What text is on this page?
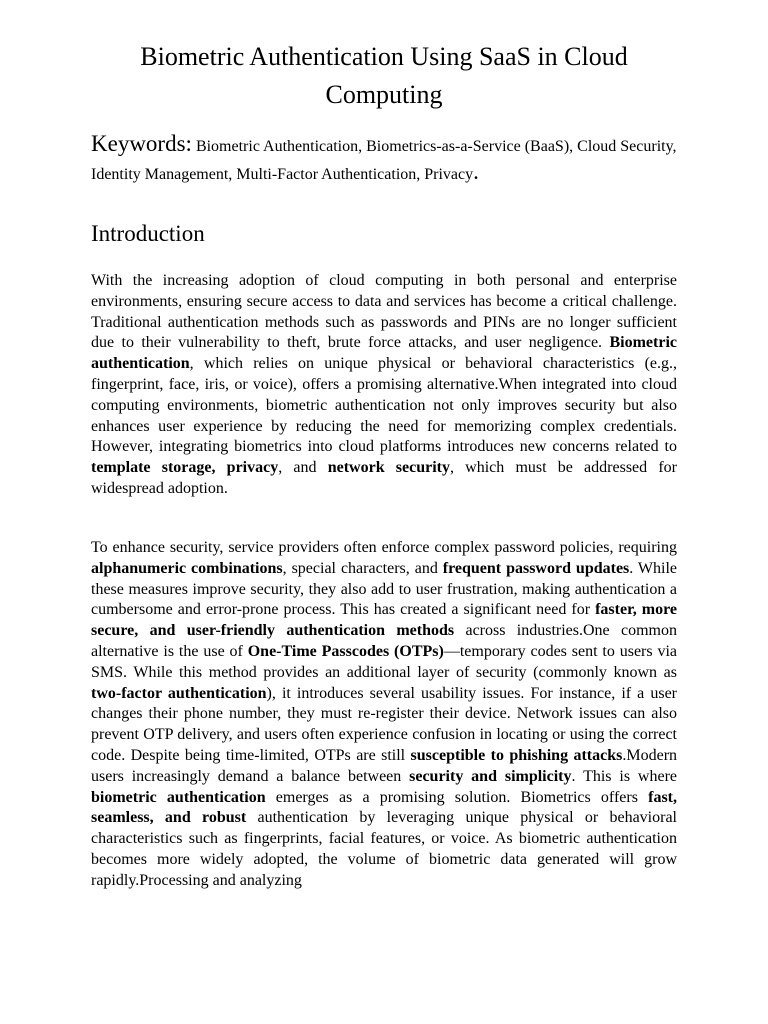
Biometric Authentication Using SaaS in Cloud Computing

Keywords: Biometric Authentication, Biometrics-as-a-Service (BaaS), Cloud Security, Identity Management, Multi-Factor Authentication, Privacy.

Introduction

With the increasing adoption of cloud computing in both personal and enterprise environments, ensuring secure access to data and services has become a critical challenge. Traditional authentication methods such as passwords and PINs are no longer sufficient due to their vulnerability to theft, brute force attacks, and user negligence. Biometric authentication, which relies on unique physical or behavioral characteristics (e.g., fingerprint, face, iris, or voice), offers a promising alternative.When integrated into cloud computing environments, biometric authentication not only improves security but also enhances user experience by reducing the need for memorizing complex credentials. However, integrating biometrics into cloud platforms introduces new concerns related to template storage, privacy, and network security, which must be addressed for widespread adoption.

To enhance security, service providers often enforce complex password policies, requiring alphanumeric combinations, special characters, and frequent password updates. While these measures improve security, they also add to user frustration, making authentication a cumbersome and error-prone process. This has created a significant need for faster, more secure, and user-friendly authentication methods across industries.One common alternative is the use of One-Time Passcodes (OTPs)—temporary codes sent to users via SMS. While this method provides an additional layer of security (commonly known as two-factor authentication), it introduces several usability issues. For instance, if a user changes their phone number, they must re-register their device. Network issues can also prevent OTP delivery, and users often experience confusion in locating or using the correct code. Despite being time-limited, OTPs are still susceptible to phishing attacks.Modern users increasingly demand a balance between security and simplicity. This is where biometric authentication emerges as a promising solution. Biometrics offers fast, seamless, and robust authentication by leveraging unique physical or behavioral characteristics such as fingerprints, facial features, or voice. As biometric authentication becomes more widely adopted, the volume of biometric data generated will grow rapidly.Processing and analyzing
